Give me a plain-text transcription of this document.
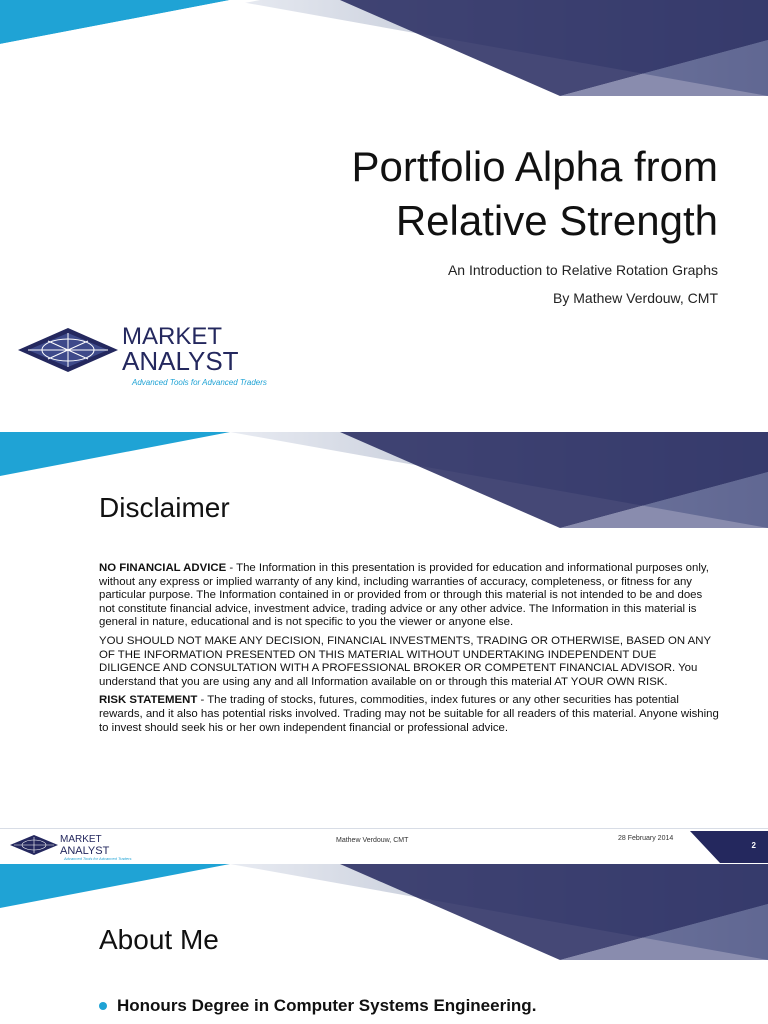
Portfolio Alpha from
Relative Strength
An Introduction to Relative Rotation Graphs
By Mathew Verdouw, CMT
MARKET
ANALYST
Advanced Tools for Advanced Traders
Disclaimer

NO FINANCIAL ADVICE - The Information in this presentation is provided for education and informational purposes only, without any express or implied warranty of any kind, including warranties of accuracy, completeness, or fitness for any particular purpose. The Information contained in or provided from or through this material is not intended to be and does not constitute financial advice, investment advice, trading advice or any other advice. The Information in this material is general in nature, educational and is not specific to you the viewer or anyone else.

YOU SHOULD NOT MAKE ANY DECISION, FINANCIAL INVESTMENTS, TRADING OR OTHERWISE, BASED ON ANY OF THE INFORMATION PRESENTED ON THIS MATERIAL WITHOUT UNDERTAKING INDEPENDENT DUE DILIGENCE AND CONSULTATION WITH A PROFESSIONAL BROKER OR COMPETENT FINANCIAL ADVISOR. You understand that you are using any and all Information available on or through this material AT YOUR OWN RISK.

RISK STATEMENT - The trading of stocks, futures, commodities, index futures or any other securities has potential rewards, and it also has potential risks involved. Trading may not be suitable for all readers of this material. Anyone wishing to invest should seek his or her own independent financial or professional advice.

MARKET
ANALYST
Advanced Tools for Advanced Traders
Mathew Verdouw, CMT	28 February 2014
2
About Me
Honours Degree in Computer Systems Engineering.
